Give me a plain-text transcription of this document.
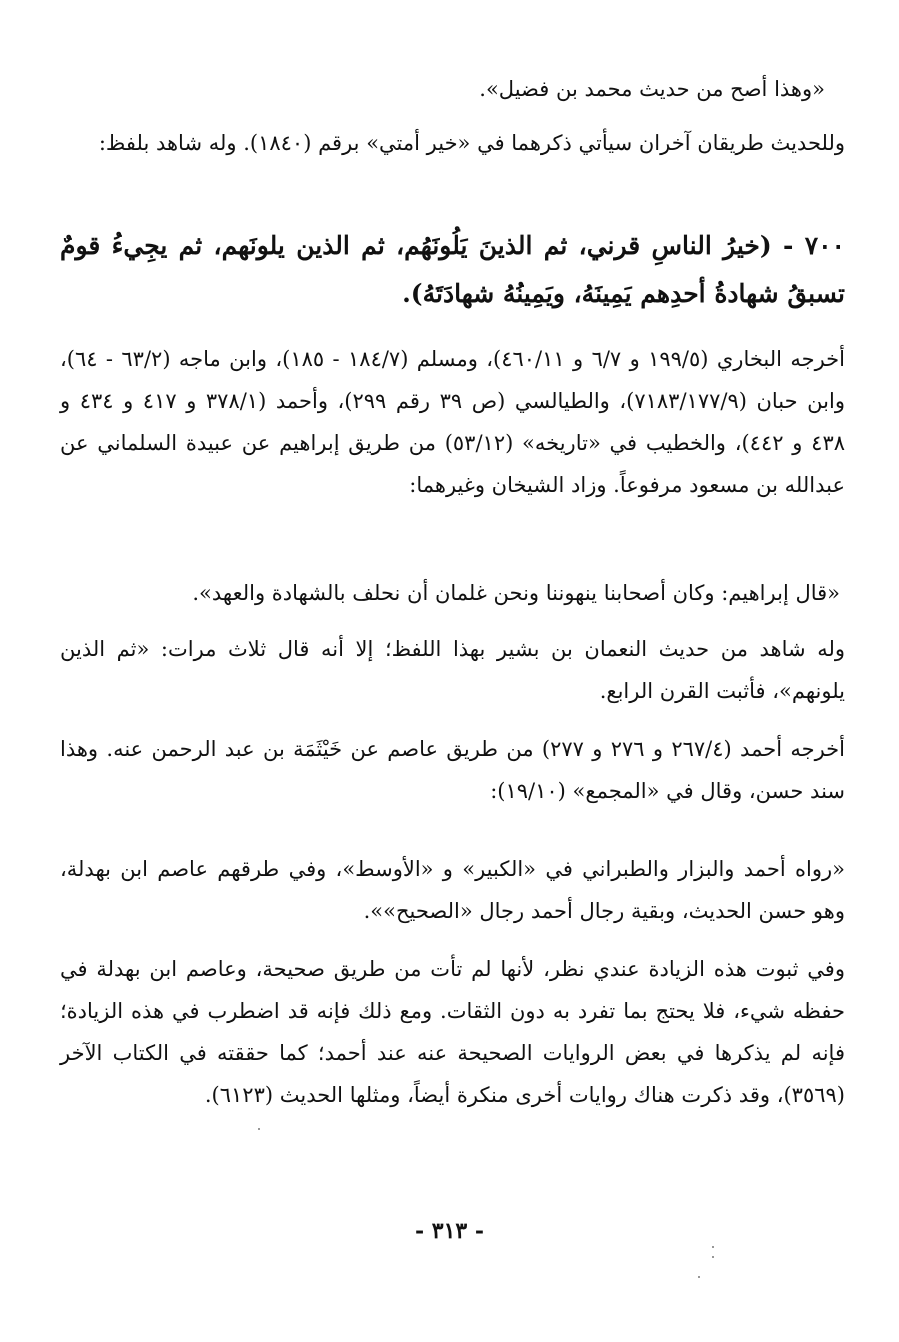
«وهذا أصح من حديث محمد بن فضيل».
وللحديث طريقان آخران سيأتي ذكرهما في «خير أمتي» برقم (١٨٤٠). وله شاهد بلفظ:
٧٠٠ - (خيرُ الناسِ قرني، ثم الذينَ يَلُونَهُم، ثم الذين يلونَهم، ثم يجِيءُ قومٌ تسبقُ شهادةُ أحدِهم يَمِينَهُ، ويَمِينُهُ شهادَتَهُ).
أخرجه البخاري (١٩٩/٥ و ٦/٧ و ٤٦٠/١١)، ومسلم (١٨٤/٧ - ١٨٥)، وابن ماجه (٦٣/٢ - ٦٤)، وابن حبان (٧١٨٣/١٧٧/٩)، والطيالسي (ص ٣٩ رقم ٢٩٩)، وأحمد (٣٧٨/١ و ٤١٧ و ٤٣٤ و ٤٣٨ و ٤٤٢)، والخطيب في «تاريخه» (٥٣/١٢) من طريق إبراهيم عن عبيدة السلماني عن عبدالله بن مسعود مرفوعاً. وزاد الشيخان وغيرهما:
«قال إبراهيم: وكان أصحابنا ينهوننا ونحن غلمان أن نحلف بالشهادة والعهد».
وله شاهد من حديث النعمان بن بشير بهذا اللفظ؛ إلا أنه قال ثلاث مرات: «ثم الذين يلونهم»، فأثبت القرن الرابع.
أخرجه أحمد (٢٦٧/٤ و ٢٧٦ و ٢٧٧) من طريق عاصم عن خَيْثَمَة بن عبد الرحمن عنه. وهذا سند حسن، وقال في «المجمع» (١٩/١٠):
«رواه أحمد والبزار والطبراني في «الكبير» و «الأوسط»، وفي طرقهم عاصم ابن بهدلة، وهو حسن الحديث، وبقية رجال أحمد رجال «الصحيح»».
وفي ثبوت هذه الزيادة عندي نظر، لأنها لم تأت من طريق صحيحة، وعاصم ابن بهدلة في حفظه شيء، فلا يحتج بما تفرد به دون الثقات. ومع ذلك فإنه قد اضطرب في هذه الزيادة؛ فإنه لم يذكرها في بعض الروايات الصحيحة عنه عند أحمد؛ كما حققته في الكتاب الآخر (٣٥٦٩)، وقد ذكرت هناك روايات أخرى منكرة أيضاً، ومثلها الحديث (٦١٢٣).
- ٣١٣ -
